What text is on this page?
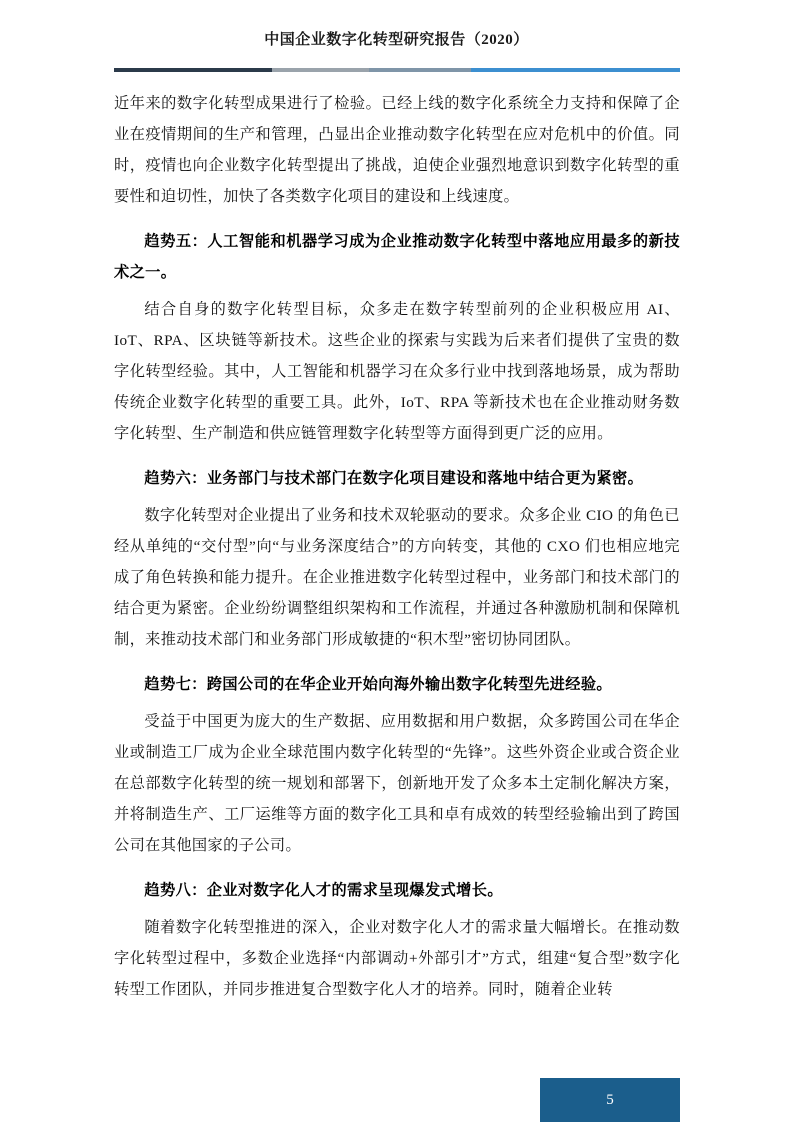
中国企业数字化转型研究报告（2020）

近年来的数字化转型成果进行了检验。已经上线的数字化系统全力支持和保障了企业在疫情期间的生产和管理，凸显出企业推动数字化转型在应对危机中的价值。同时，疫情也向企业数字化转型提出了挑战，迫使企业强烈地意识到数字化转型的重要性和迫切性，加快了各类数字化项目的建设和上线速度。

趋势五：人工智能和机器学习成为企业推动数字化转型中落地应用最多的新技术之一。

结合自身的数字化转型目标，众多走在数字转型前列的企业积极应用 AI、IoT、RPA、区块链等新技术。这些企业的探索与实践为后来者们提供了宝贵的数字化转型经验。其中，人工智能和机器学习在众多行业中找到落地场景，成为帮助传统企业数字化转型的重要工具。此外，IoT、RPA 等新技术也在企业推动财务数字化转型、生产制造和供应链管理数字化转型等方面得到更广泛的应用。

趋势六：业务部门与技术部门在数字化项目建设和落地中结合更为紧密。

数字化转型对企业提出了业务和技术双轮驱动的要求。众多企业 CIO 的角色已经从单纯的“交付型”向“与业务深度结合”的方向转变，其他的 CXO 们也相应地完成了角色转换和能力提升。在企业推进数字化转型过程中，业务部门和技术部门的结合更为紧密。企业纷纷调整组织架构和工作流程，并通过各种激励机制和保障机制，来推动技术部门和业务部门形成敏捷的“积木型”密切协同团队。

趋势七：跨国公司的在华企业开始向海外输出数字化转型先进经验。

受益于中国更为庞大的生产数据、应用数据和用户数据，众多跨国公司在华企业或制造工厂成为企业全球范围内数字化转型的“先锋”。这些外资企业或合资企业在总部数字化转型的统一规划和部署下，创新地开发了众多本土定制化解决方案，并将制造生产、工厂运维等方面的数字化工具和卓有成效的转型经验输出到了跨国公司在其他国家的子公司。

趋势八：企业对数字化人才的需求呈现爆发式增长。

随着数字化转型推进的深入，企业对数字化人才的需求量大幅增长。在推动数字化转型过程中，多数企业选择“内部调动+外部引才”方式，组建“复合型”数字化转型工作团队，并同步推进复合型数字化人才的培养。同时，随着企业转

5
